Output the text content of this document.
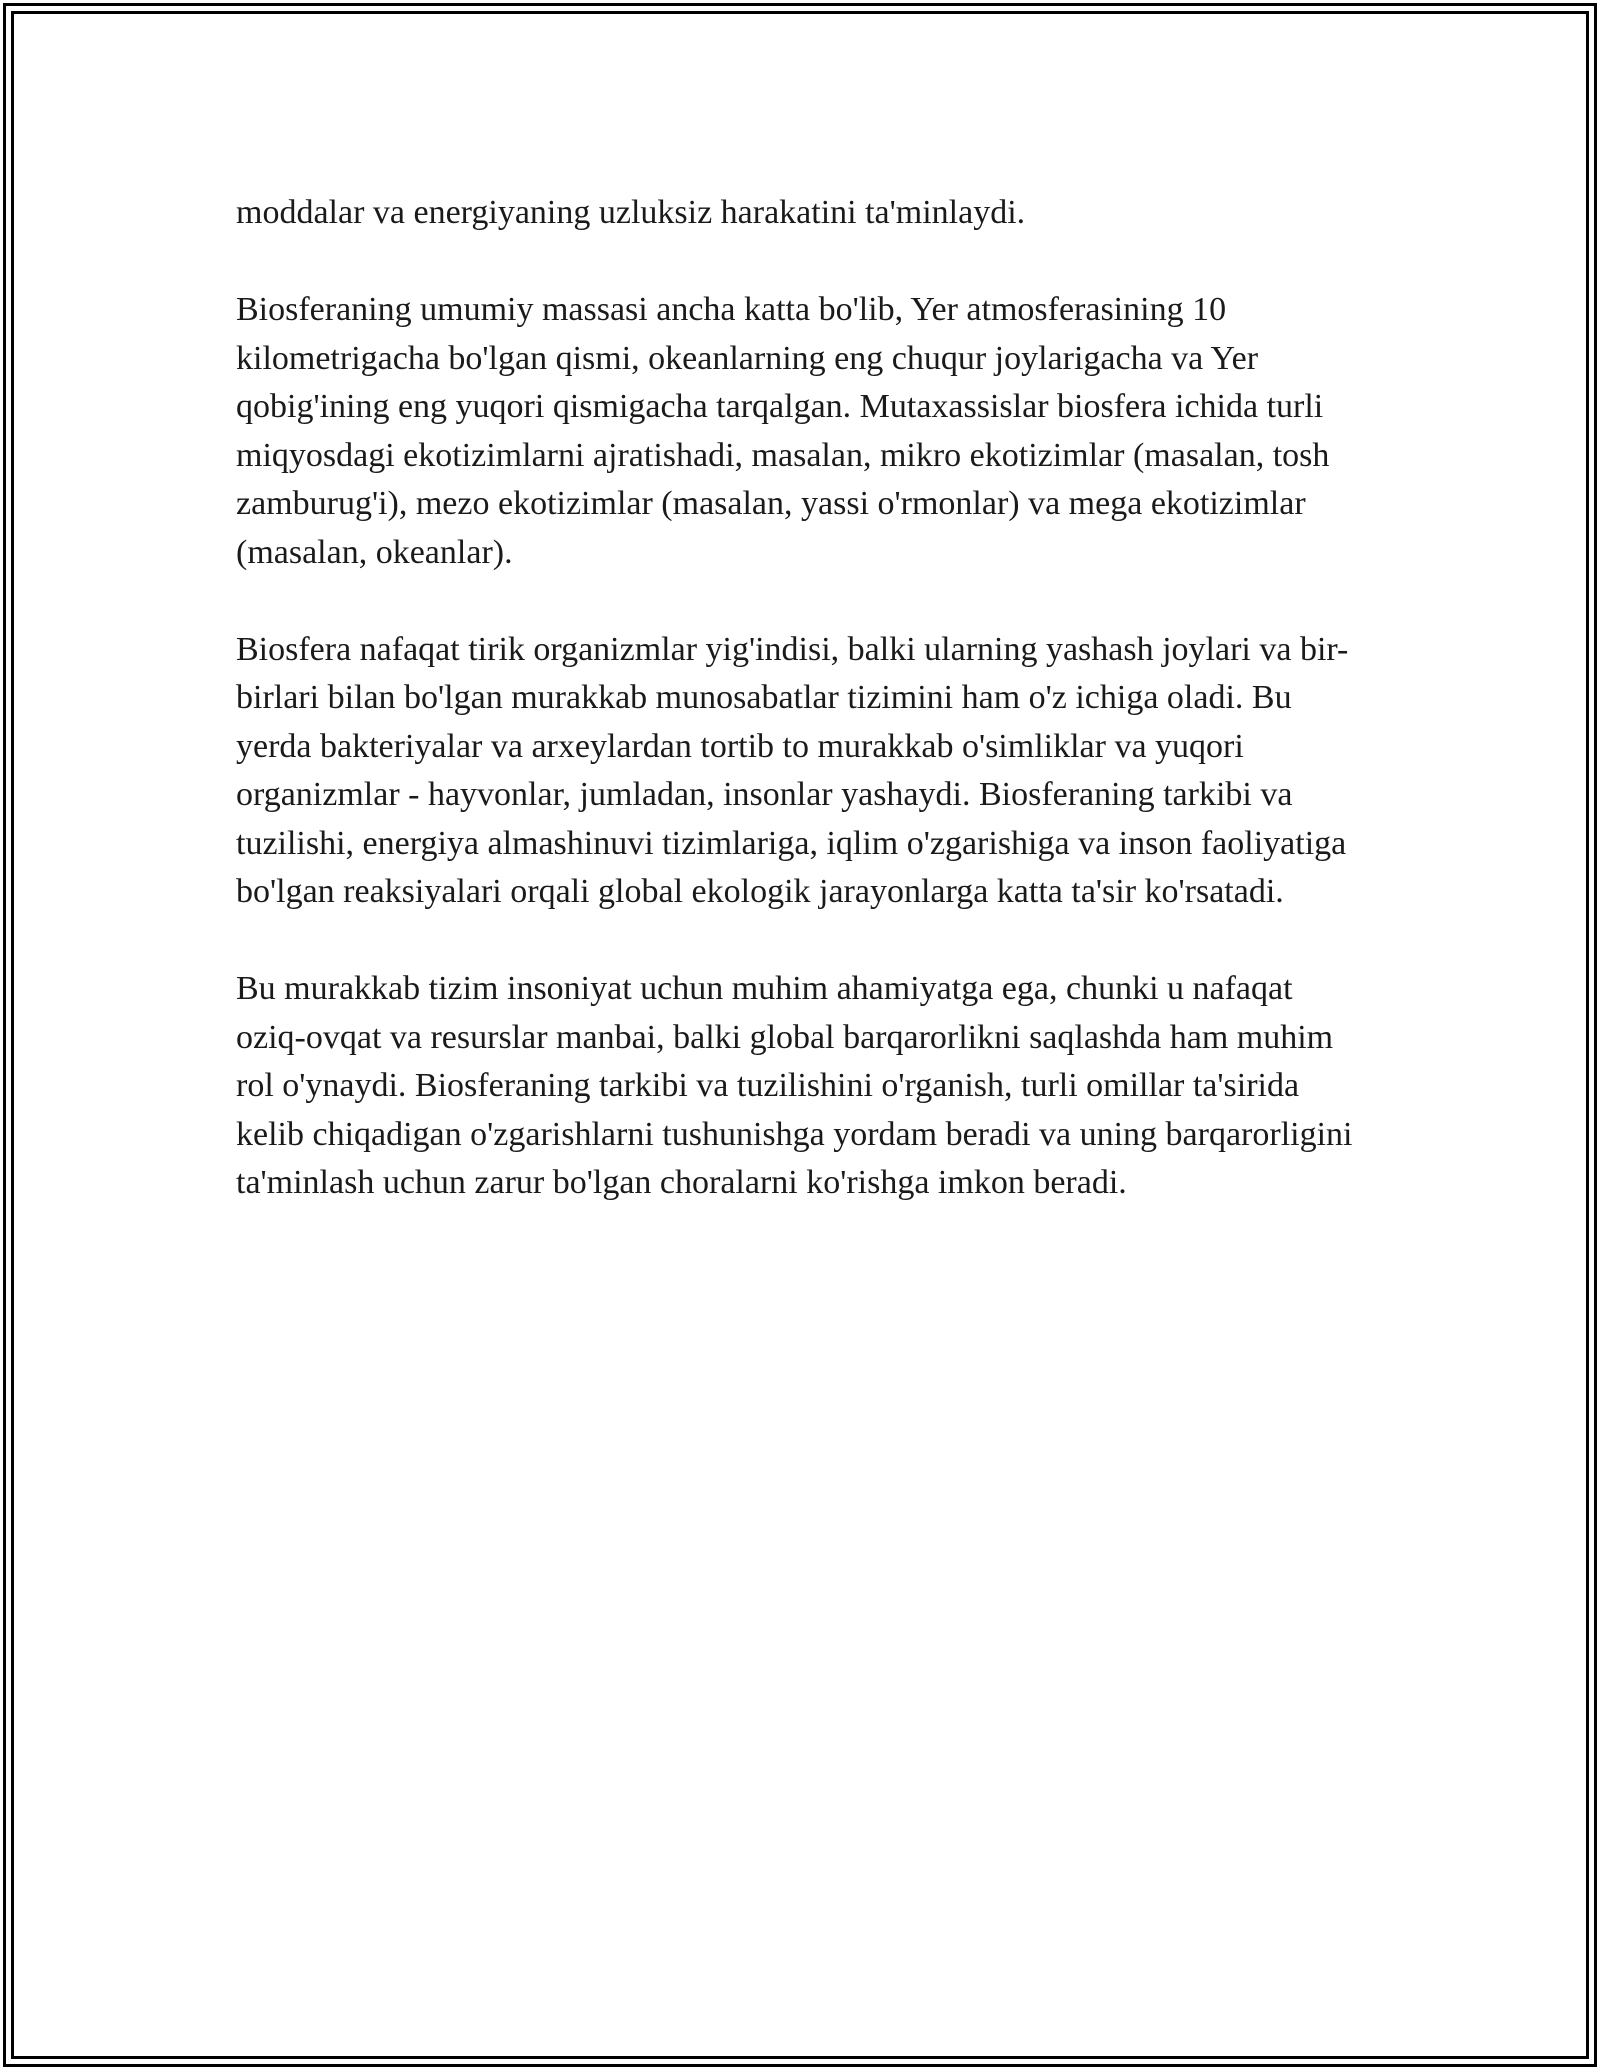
moddalar va energiyaning uzluksiz harakatini ta'minlaydi.

Biosferaning umumiy massasi ancha katta bo'lib, Yer atmosferasining 10 kilometrigacha bo'lgan qismi, okeanlarning eng chuqur joylarigacha va Yer qobig'ining eng yuqori qismigacha tarqalgan. Mutaxassislar biosfera ichida turli miqyosdagi ekotizimlarni ajratishadi, masalan, mikro ekotizimlar (masalan, tosh zamburug'i), mezo ekotizimlar (masalan, yassi o'rmonlar) va mega ekotizimlar (masalan, okeanlar).

Biosfera nafaqat tirik organizmlar yig'indisi, balki ularning yashash joylari va bir-birlari bilan bo'lgan murakkab munosabatlar tizimini ham o'z ichiga oladi. Bu yerda bakteriyalar va arxeylardan tortib to murakkab o'simliklar va yuqori organizmlar - hayvonlar, jumladan, insonlar yashaydi. Biosferaning tarkibi va tuzilishi, energiya almashinuvi tizimlariga, iqlim o'zgarishiga va inson faoliyatiga bo'lgan reaksiyalari orqali global ekologik jarayonlarga katta ta'sir ko'rsatadi.

Bu murakkab tizim insoniyat uchun muhim ahamiyatga ega, chunki u nafaqat oziq-ovqat va resurslar manbai, balki global barqarorlikni saqlashda ham muhim rol o'ynaydi. Biosferaning tarkibi va tuzilishini o'rganish, turli omillar ta'sirida kelib chiqadigan o'zgarishlarni tushunishga yordam beradi va uning barqarorligini ta'minlash uchun zarur bo'lgan choralarni ko'rishga imkon beradi.
